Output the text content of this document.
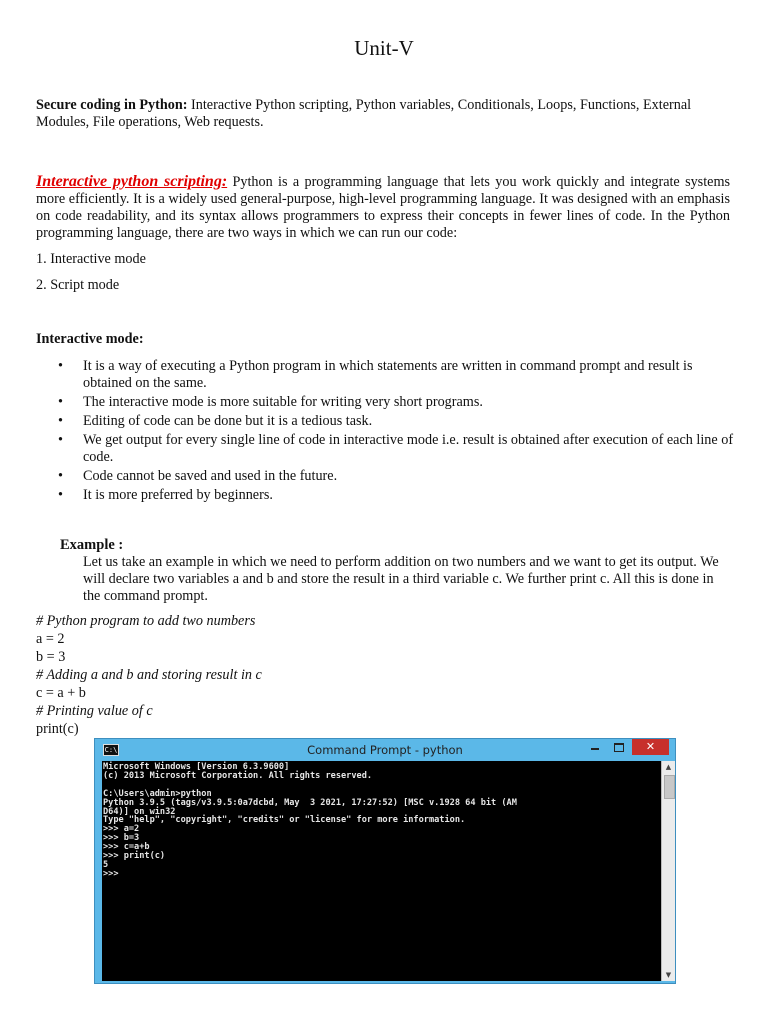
Unit-V
Secure coding in Python: Interactive Python scripting, Python variables, Conditionals, Loops, Functions, External Modules, File operations, Web requests.
Interactive python scripting: Python is a programming language that lets you work quickly and integrate systems more efficiently. It is a widely used general-purpose, high-level programming language. It was designed with an emphasis on code readability, and its syntax allows programmers to express their concepts in fewer lines of code. In the Python programming language, there are two ways in which we can run our code:
1. Interactive mode
2. Script mode
Interactive mode:
• It is a way of executing a Python program in which statements are written in command prompt and result is obtained on the same.
• The interactive mode is more suitable for writing very short programs.
• Editing of code can be done but it is a tedious task.
• We get output for every single line of code in interactive mode i.e. result is obtained after execution of each line of code.
• Code cannot be saved and used in the future.
• It is more preferred by beginners.
Example :
Let us take an example in which we need to perform addition on two numbers and we want to get its output. We will declare two variables a and b and store the result in a third variable c. We further print c. All this is done in the command prompt.
# Python program to add two numbers
a = 2
b = 3
# Adding a and b and storing result in c
c = a + b
# Printing value of c
print(c)
C:\	Command Prompt - python	✕
Microsoft Windows [Version 6.3.9600]
(c) 2013 Microsoft Corporation. All rights reserved.

C:\Users\admin>python
Python 3.9.5 (tags/v3.9.5:0a7dcbd, May  3 2021, 17:27:52) [MSC v.1928 64 bit (AM
D64)] on win32
Type "help", "copyright", "credits" or "license" for more information.
>>> a=2
>>> b=3
>>> c=a+b
>>> print(c)
5
>>>
▲
▼
